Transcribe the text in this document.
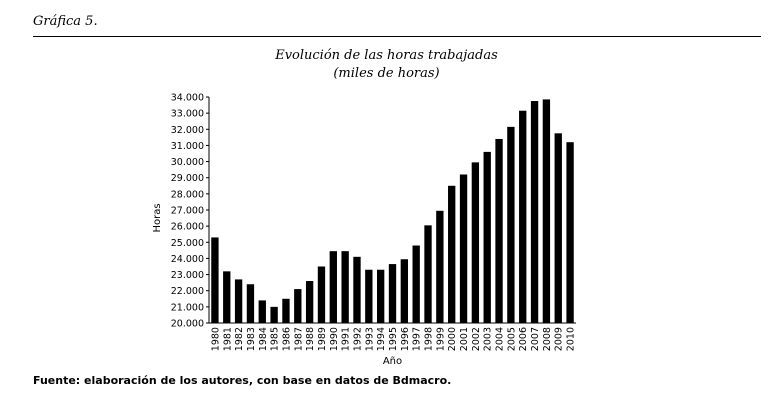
Gráfica 5.
Evolución de las horas trabajadas
(miles de horas)
20.000
21.000
22.000
23.000
24.000
25.000
26.000
27.000
28.000
29.000
30.000
31.000
32.000
33.000
34.000
1980 1981 1982 1983 1984 1985 1986 1987 1988 1989 1990 1991 1992 1993 1994 1995 1996 1997 1998 1999 2000 2001 2002 2003 2004 2005 2006 2007 2008 2009 2010
Horas
Año
Fuente: elaboración de los autores, con base en datos de Bdmacro.
